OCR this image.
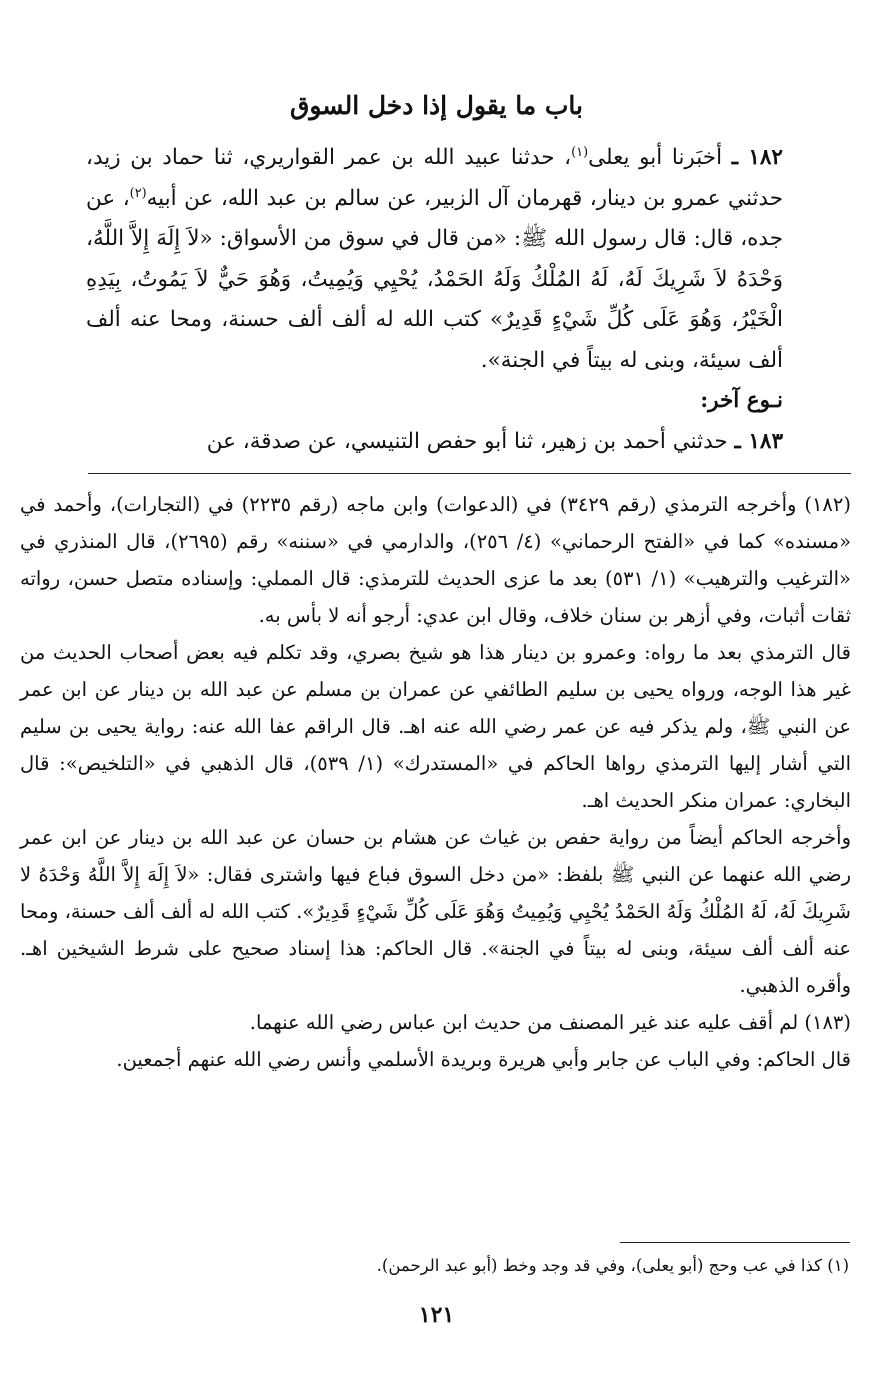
باب ما يقول إذا دخل السوق

١٨٢ ـ أخبَرنا أبو يعلى$^{(١)}$، حدثنا عبيد الله بن عمر القواريري، ثنا حماد بن زيد، حدثني عمرو بن دينار، قهرمان آل الزبير، عن سالم بن عبد الله، عن أبيه$^{(٢)}$، عن جده، قال: قال رسول الله ﷺ: «من قال في سوق من الأسواق: «لاَ إِلَهَ إِلاَّ اللَّهُ، وَحْدَهُ لاَ شَرِيكَ لَهُ، لَهُ المُلْكُ وَلَهُ الحَمْدُ، يُحْيِي وَيُمِيتُ، وَهُوَ حَيٌّ لاَ يَمُوتُ، بِيَدِهِ الْخَيْرُ، وَهُوَ عَلَى كُلِّ شَيْءٍ قَدِيرٌ» كتب الله له ألف ألف حسنة، ومحا عنه ألف ألف سيئة، وبنى له بيتاً في الجنة».

نـوع آخر:

١٨٣ ـ حدثني أحمد بن زهير، ثنا أبو حفص التنيسي، عن صدقة، عن

(١٨٢) وأخرجه الترمذي (رقم ٣٤٢٩) في (الدعوات) وابن ماجه (رقم ٢٢٣٥) في (التجارات)، وأحمد في «مسنده» كما في «الفتح الرحماني» (٤/ ٢٥٦)، والدارمي في «سننه» رقم (٢٦٩٥)، قال المنذري في «الترغيب والترهيب» (١/ ٥٣١) بعد ما عزى الحديث للترمذي: قال المملي: وإسناده متصل حسن، رواته ثقات أثبات، وفي أزهر بن سنان خلاف، وقال ابن عدي: أرجو أنه لا بأس به.

قال الترمذي بعد ما رواه: وعمرو بن دينار هذا هو شيخ بصري، وقد تكلم فيه بعض أصحاب الحديث من غير هذا الوجه، ورواه يحيى بن سليم الطائفي عن عمران بن مسلم عن عبد الله بن دينار عن ابن عمر عن النبي ﷺ، ولم يذكر فيه عن عمر رضي الله عنه اهـ. قال الراقم عفا الله عنه: رواية يحيى بن سليم التي أشار إليها الترمذي رواها الحاكم في «المستدرك» (١/ ٥٣٩)، قال الذهبي في «التلخيص»: قال البخاري: عمران منكر الحديث اهـ.

وأخرجه الحاكم أيضاً من رواية حفص بن غياث عن هشام بن حسان عن عبد الله بن دينار عن ابن عمر رضي الله عنهما عن النبي ﷺ بلفظ: «من دخل السوق فباع فيها واشترى فقال: «لاَ إِلَهَ إِلاَّ اللَّهُ وَحْدَهُ لا شَرِيكَ لَهُ، لَهُ المُلْكُ وَلَهُ الحَمْدُ يُحْيِي وَيُمِيتُ وَهُوَ عَلَى كُلِّ شَيْءٍ قَدِيرٌ». كتب الله له ألف ألف حسنة، ومحا عنه ألف ألف سيئة، وبنى له بيتاً في الجنة». قال الحاكم: هذا إسناد صحيح على شرط الشيخين اهـ. وأقره الذهبي.

(١٨٣) لم أقف عليه عند غير المصنف من حديث ابن عباس رضي الله عنهما.

قال الحاكم: وفي الباب عن جابر وأبي هريرة وبريدة الأسلمي وأنس رضي الله عنهم أجمعين.

(١) كذا في عب وحج (أبو يعلى)، وفي قد وجد وخط (أبو عبد الرحمن).
١٢١
